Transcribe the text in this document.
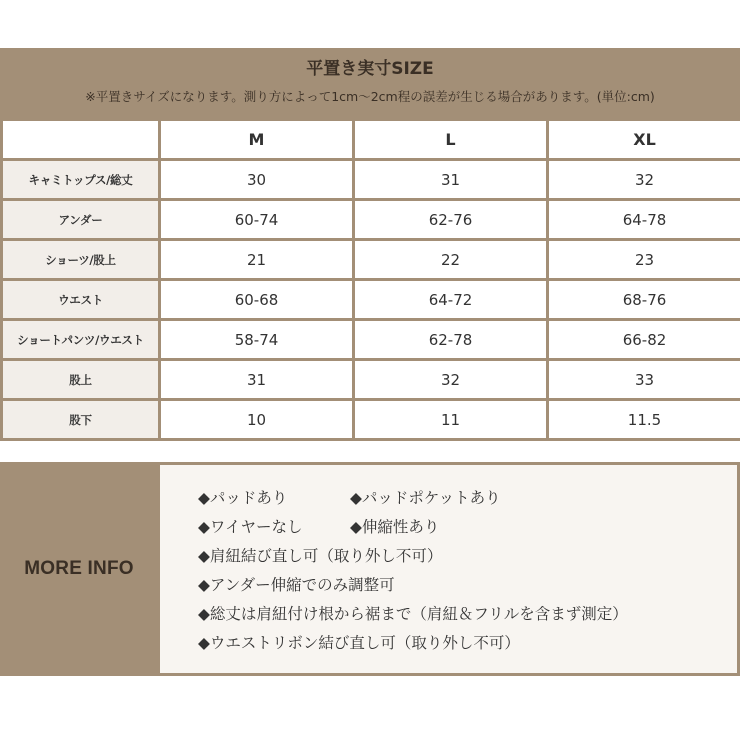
平置き実寸SIZE
※平置きサイズになります。測り方によって1cm〜2cm程の誤差が生じる場合があります。(単位:cm)
	M	L	XL
キャミトップス/総丈	30	31	32
アンダー	60-74	62-76	64-78
ショーツ/股上	21	22	23
ウエスト	60-68	64-72	68-76
ショートパンツ/ウエスト	58-74	62-78	66-82
股上	31	32	33
股下	10	11	11.5
MORE INFO
◆パッドあり	◆パッドポケットあり
◆ワイヤーなし	◆伸縮性あり
◆肩紐結び直し可（取り外し不可）
◆アンダー伸縮でのみ調整可
◆総丈は肩紐付け根から裾まで（肩紐＆フリルを含まず測定）
◆ウエストリボン結び直し可（取り外し不可）
